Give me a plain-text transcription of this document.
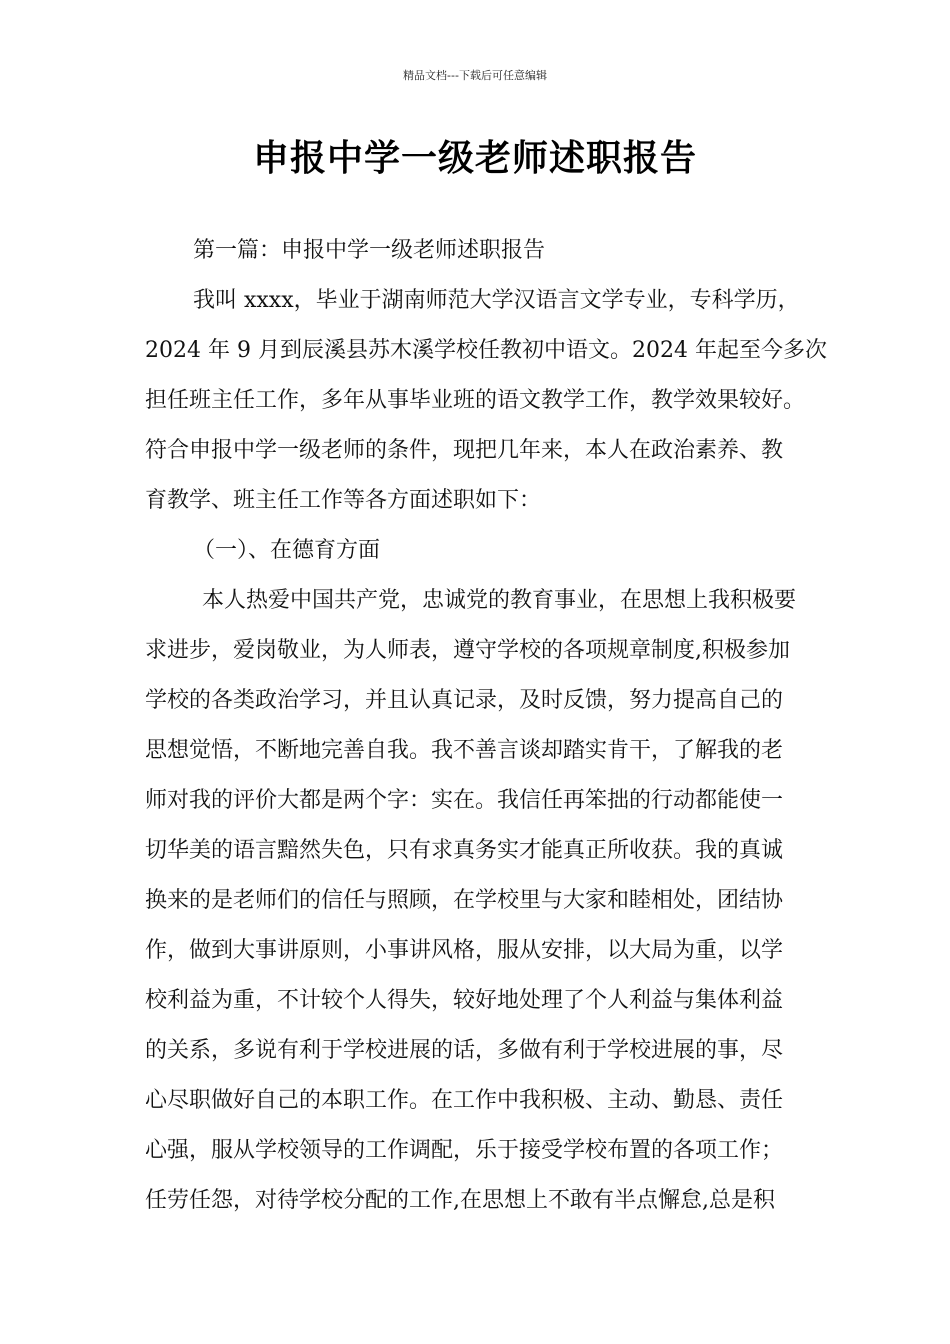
精品文档---下载后可任意编辑
申报中学一级老师述职报告
第一篇：申报中学一级老师述职报告
我叫 xxxx，毕业于湖南师范大学汉语言文学专业，专科学历，
2024 年 9 月到辰溪县苏木溪学校任教初中语文。2024 年起至今多次
担任班主任工作，多年从事毕业班的语文教学工作，教学效果较好。
符合申报中学一级老师的条件，现把几年来，本人在政治素养、教
育教学、班主任工作等各方面述职如下：
（一）、在德育方面
本人热爱中国共产党，忠诚党的教育事业，在思想上我积极要
求进步，爱岗敬业，为人师表，遵守学校的各项规章制度,积极参加
学校的各类政治学习，并且认真记录，及时反馈，努力提高自己的
思想觉悟，不断地完善自我。我不善言谈却踏实肯干，了解我的老
师对我的评价大都是两个字：实在。我信任再笨拙的行动都能使一
切华美的语言黯然失色，只有求真务实才能真正所收获。我的真诚
换来的是老师们的信任与照顾，在学校里与大家和睦相处，团结协
作，做到大事讲原则，小事讲风格，服从安排，以大局为重，以学
校利益为重，不计较个人得失，较好地处理了个人利益与集体利益
的关系，多说有利于学校进展的话，多做有利于学校进展的事，尽
心尽职做好自己的本职工作。在工作中我积极、主动、勤恳、责任
心强，服从学校领导的工作调配，乐于接受学校布置的各项工作；
任劳任怨，对待学校分配的工作,在思想上不敢有半点懈怠,总是积
